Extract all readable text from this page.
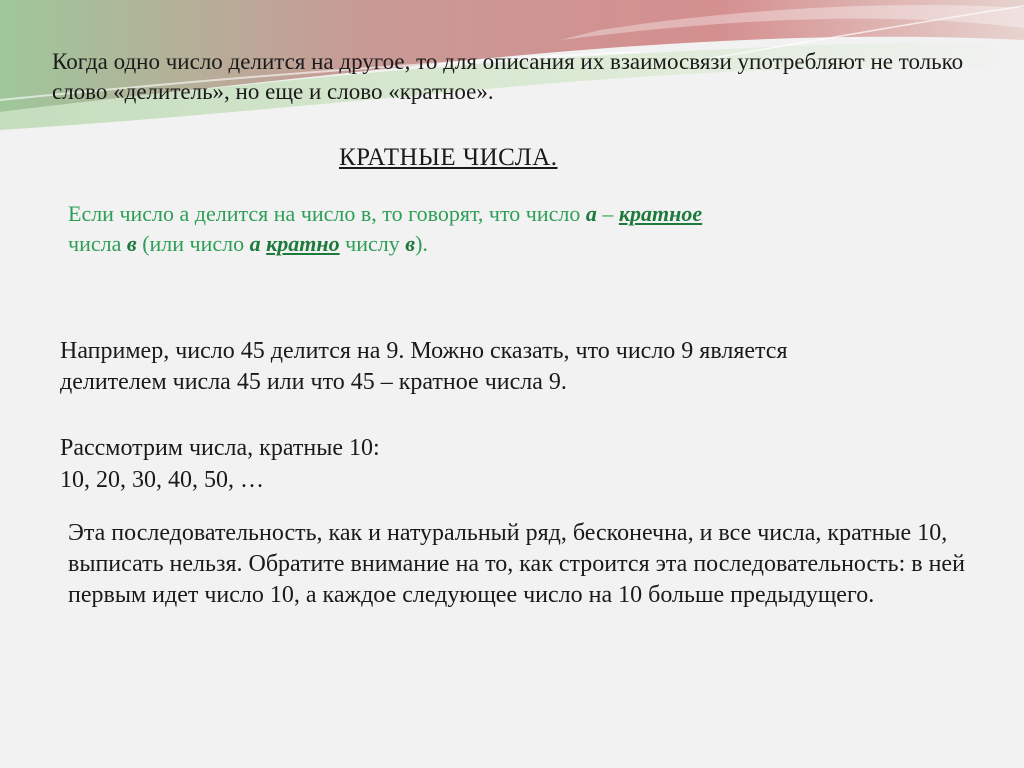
Когда одно число делится на другое, то для описания их взаимосвязи употребляют не только слово «делитель», но еще и слово «кратное».

КРАТНЫЕ ЧИСЛА.

Если число а делится на число в, то говорят, что число а – кратное
числа в (или число а кратно числу в).

Например, число 45 делится на 9. Можно сказать, что число 9 является
делителем числа 45 или что 45 – кратное числа 9.

Рассмотрим числа, кратные 10:
10, 20, 30, 40, 50, …

Эта последовательность, как и натуральный ряд, бесконечна, и все числа, кратные 10, выписать нельзя. Обратите внимание на то, как строится эта последовательность: в ней первым идет число 10, а каждое следующее число на 10 больше предыдущего.
